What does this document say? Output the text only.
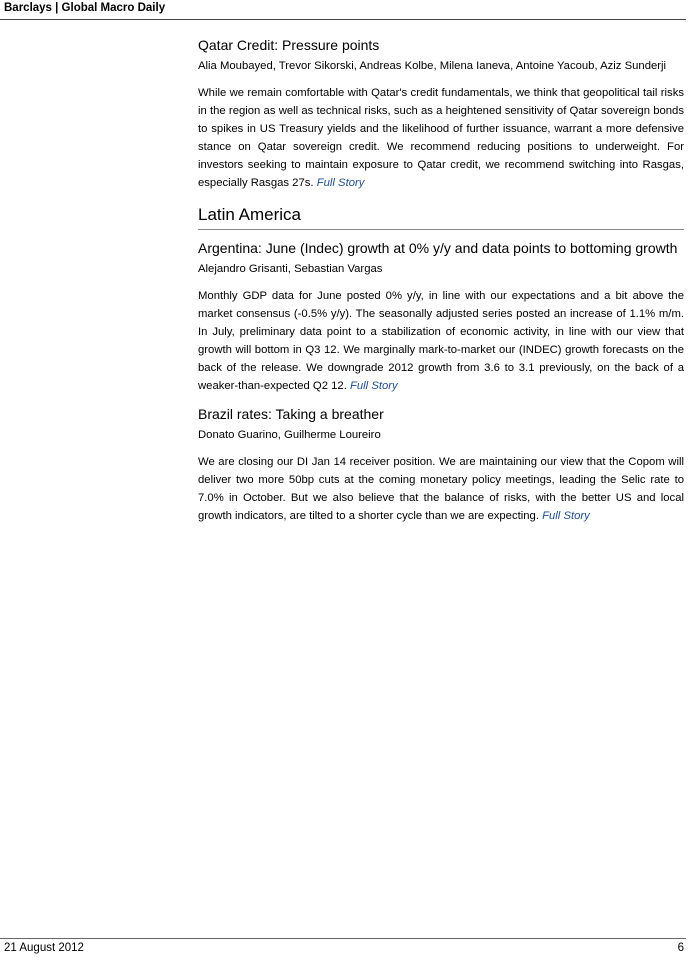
Barclays | Global Macro Daily
Qatar Credit: Pressure points
Alia Moubayed, Trevor Sikorski, Andreas Kolbe, Milena Ianeva, Antoine Yacoub, Aziz Sunderji

While we remain comfortable with Qatar's credit fundamentals, we think that geopolitical tail risks in the region as well as technical risks, such as a heightened sensitivity of Qatar sovereign bonds to spikes in US Treasury yields and the likelihood of further issuance, warrant a more defensive stance on Qatar sovereign credit. We recommend reducing positions to underweight. For investors seeking to maintain exposure to Qatar credit, we recommend switching into Rasgas, especially Rasgas 27s. Full Story

Latin America
Argentina: June (Indec) growth at 0% y/y and data points to bottoming growth
Alejandro Grisanti, Sebastian Vargas

Monthly GDP data for June posted 0% y/y, in line with our expectations and a bit above the market consensus (-0.5% y/y). The seasonally adjusted series posted an increase of 1.1% m/m. In July, preliminary data point to a stabilization of economic activity, in line with our view that growth will bottom in Q3 12. We marginally mark-to-market our (INDEC) growth forecasts on the back of the release. We downgrade 2012 growth from 3.6 to 3.1 previously, on the back of a weaker-than-expected Q2 12. Full Story

Brazil rates: Taking a breather
Donato Guarino, Guilherme Loureiro

We are closing our DI Jan 14 receiver position. We are maintaining our view that the Copom will deliver two more 50bp cuts at the coming monetary policy meetings, leading the Selic rate to 7.0% in October. But we also believe that the balance of risks, with the better US and local growth indicators, are tilted to a shorter cycle than we are expecting. Full Story

21 August 2012	6
